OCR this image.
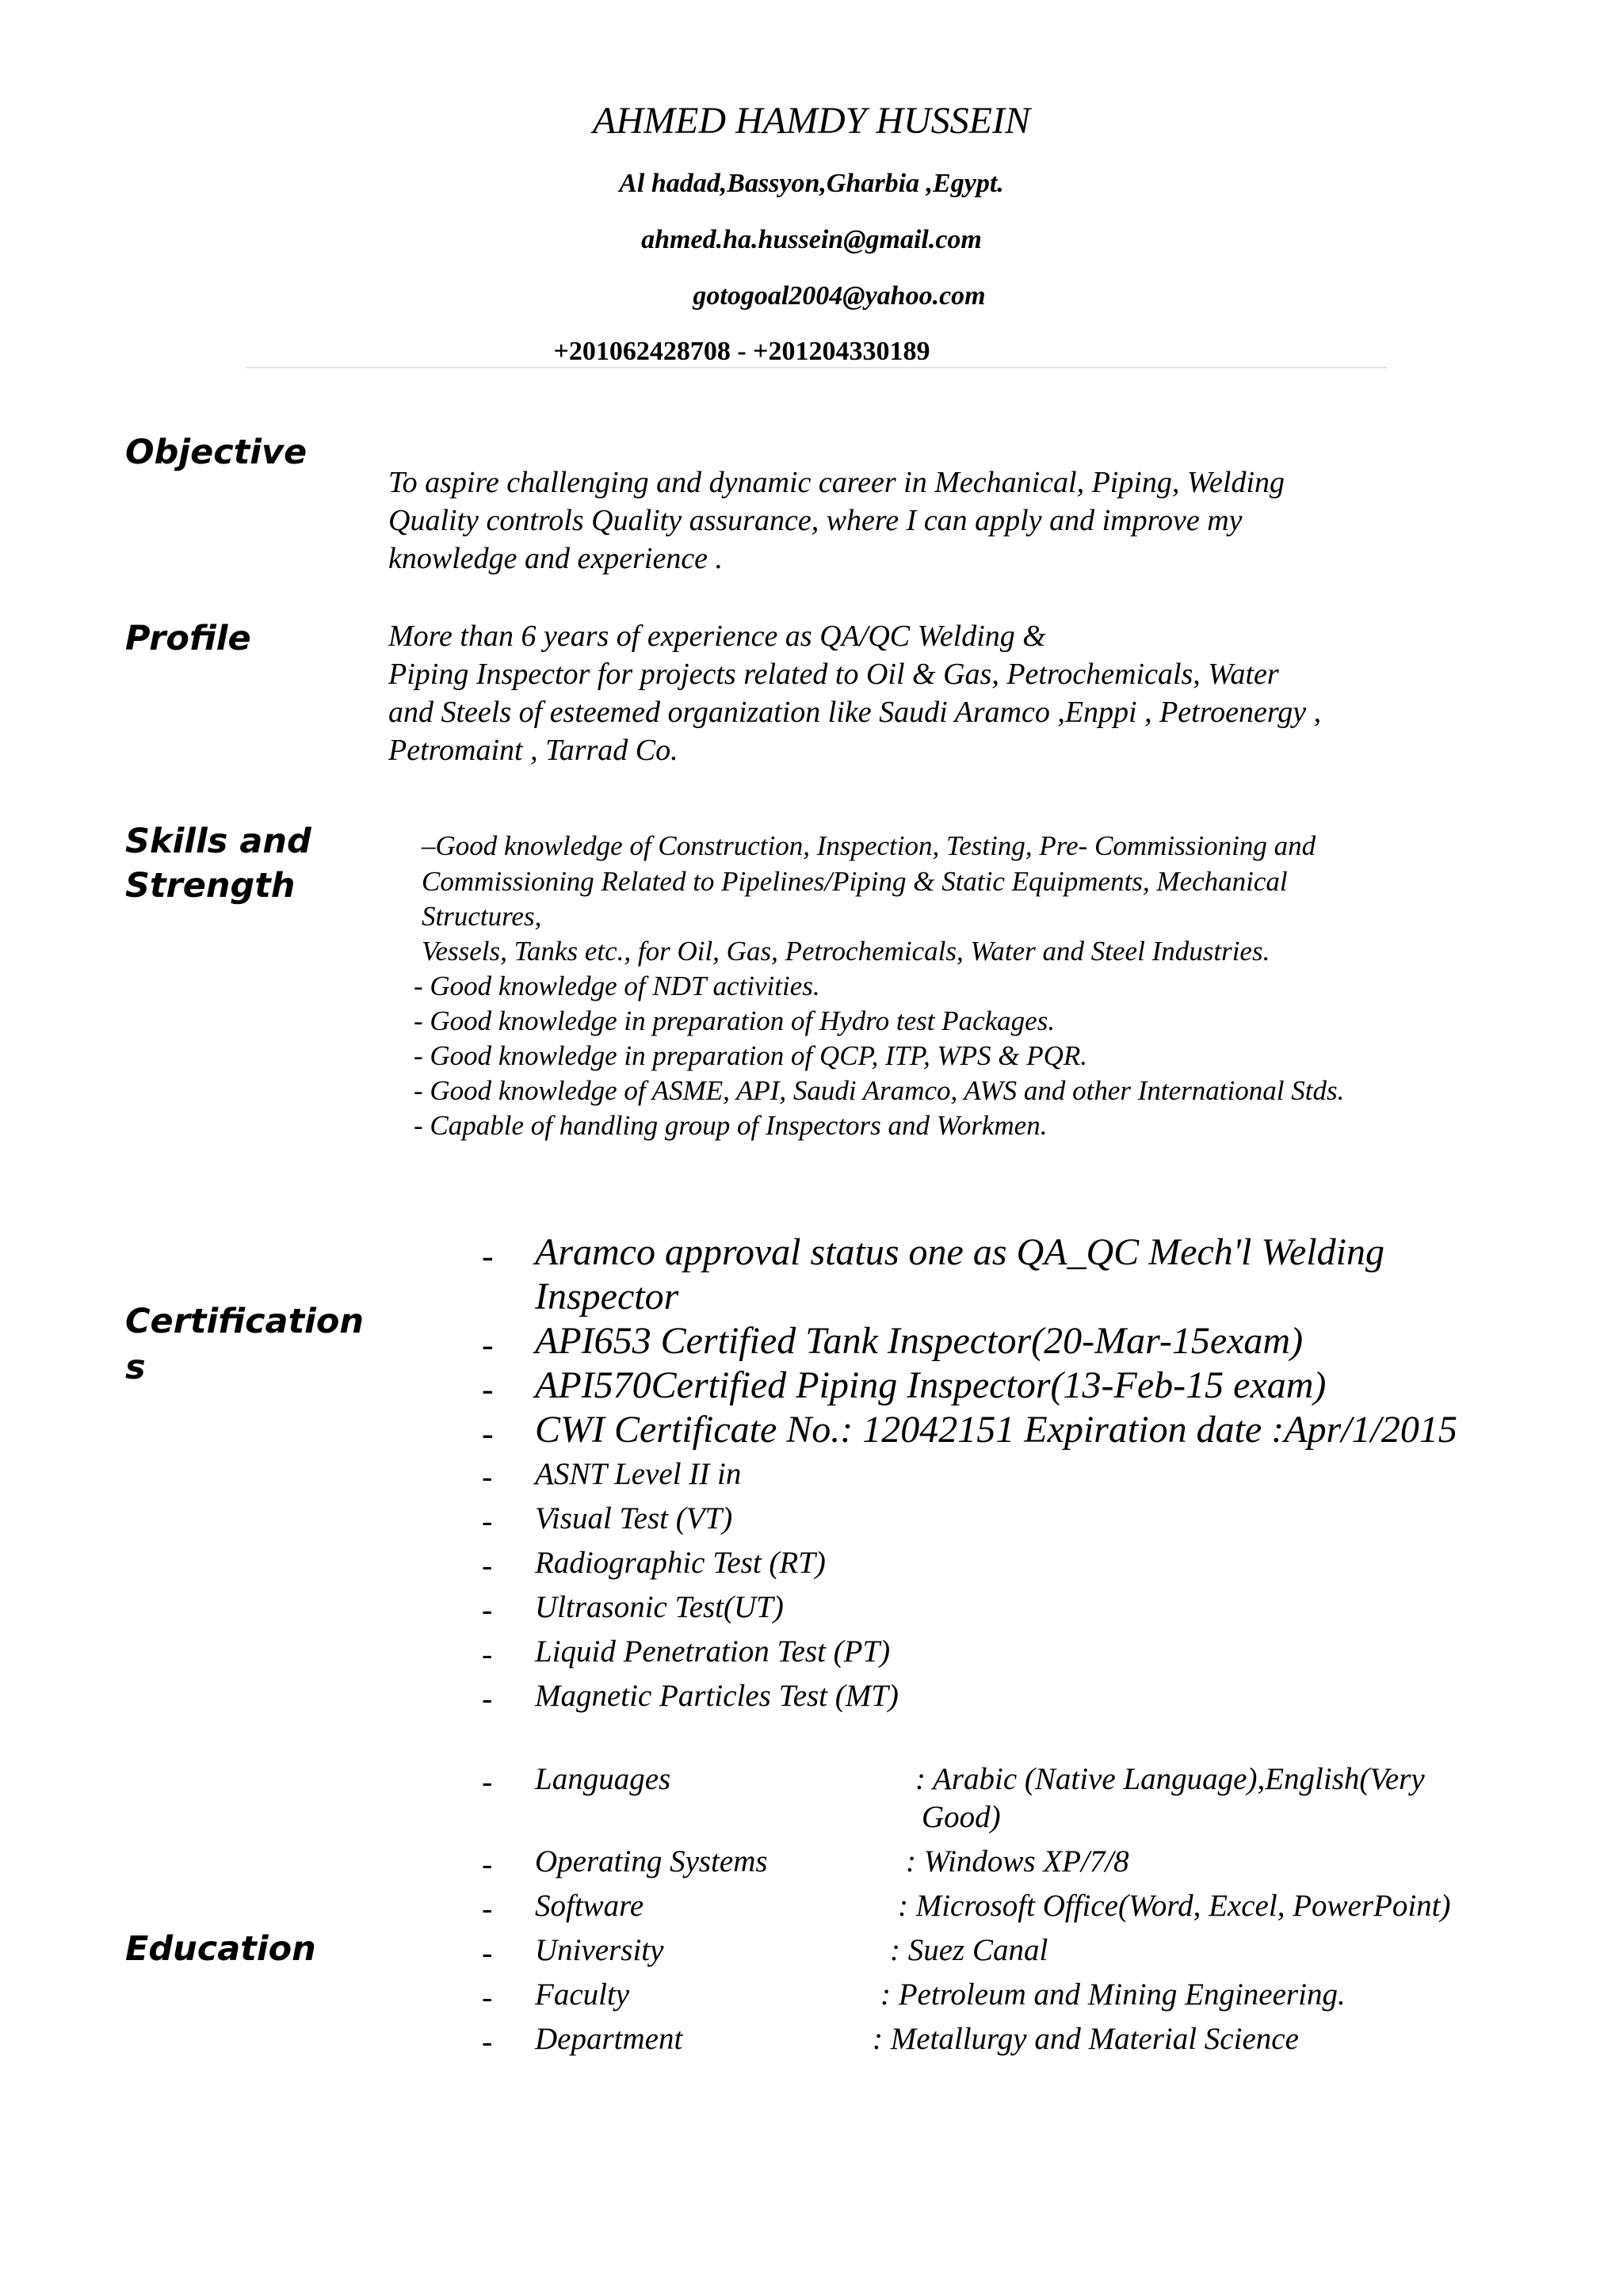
AHMED HAMDY HUSSEIN
Al hadad,Bassyon,Gharbia ,Egypt.
ahmed.ha.hussein@gmail.com
gotogoal2004@yahoo.com
+201062428708 - +201204330189
Objective
To aspire challenging and dynamic career in Mechanical, Piping, Welding
Quality controls Quality assurance, where I can apply and improve my
knowledge and experience .
Profile	More than 6 years of experience as QA/QC Welding &
Piping Inspector for projects related to Oil & Gas, Petrochemicals, Water
and Steels of esteemed organization like Saudi Aramco ,Enppi , Petroenergy ,
Petromaint , Tarrad Co.
Skills and
Strength
–Good knowledge of Construction, Inspection, Testing, Pre- Commissioning and
Commissioning Related to Pipelines/Piping & Static Equipments, Mechanical
Structures,
Vessels, Tanks etc., for Oil, Gas, Petrochemicals, Water and Steel Industries.
- Good knowledge of NDT activities.
- Good knowledge in preparation of Hydro test Packages.
- Good knowledge in preparation of QCP, ITP, WPS & PQR.
- Good knowledge of ASME, API, Saudi Aramco, AWS and other International Stds.
- Capable of handling group of Inspectors and Workmen.
Certification
s
- Aramco approval status one as QA_QC Mech'l Welding
Inspector
- API653 Certified Tank Inspector(20-Mar-15exam)
- API570Certified Piping Inspector(13-Feb-15 exam)
- CWI Certificate No.: 12042151 Expiration date :Apr/1/2015
- ASNT Level II in
- Visual Test (VT)
- Radiographic Test (RT)
- Ultrasonic Test(UT)
- Liquid Penetration Test (PT)
- Magnetic Particles Test (MT)
Education
- Languages	: Arabic (Native Language),English(Very
Good)
- Operating Systems	: Windows XP/7/8
- Software	: Microsoft Office(Word, Excel, PowerPoint)
- University	: Suez Canal
- Faculty	: Petroleum and Mining Engineering.
- Department	: Metallurgy and Material Science
